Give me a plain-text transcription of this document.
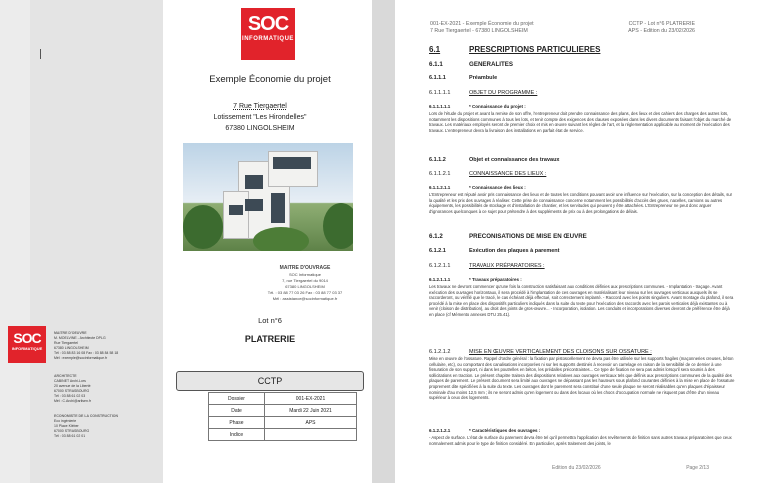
SOC
INFORMATIQUE
Exemple Économie du projet
7 Rue Tiergaertel
Lotissement "Les Hirondelles"
67380 LINGOLSHEIM
MAITRE D'OUVRAGE
SOC Informatique
7, rue Tiergaertel du 9014
67380 LINGOLSHEIM
Tél. : 03 88 77 03 26 Fax : 03 88 77 03 37
Mél : assistance@socinformatique.fr
Lot n°6
PLATRERIE
CCTP
Dossier	001-EX-2021
Date	Mardi 22 Juin 2021
Phase	APS
Indice	
SOC
INFORMATIQUE
MAITRE D'OEUVRE
M. MOELVINE - Architecte DPLG
Rue Tiergaertel
67380 LINGOLSHEIM
Tél : 03 88 83 16 08 Fax : 03 88 84 58 18
Mél : exemple@socinformatique.fr
ARCHITECTE
CABINET Archi-Lors
20 avenue de la Liberté
67000 STRASBOURG
Tél : 03 88 61 02 03
Mél : C.Archi@arlisen.fr
ECONOMISTE DE LA CONSTRUCTION
Eco ingénierie
10 Place Kléber
67000 STRASBOURG
Tél : 03 88 61 02 01
001-EX-2021 - Exemple Économie du projet
7 Rue Tiergaertel - 67380 LINGOLSHEIM
CCTP - Lot n°6 PLATRERIE
APS - Edition du 23/02/2026
6.1	PRESCRIPTIONS PARTICULIERES
6.1.1	GENERALITES
6.1.1.1	Préambule
6.1.1.1.1	OBJET DU PROGRAMME :
6.1.1.1.1.1	* Connaissance du projet :
Lors de l'étude du projet et avant la remise de son offre, l'entrepreneur doit prendre connaissance des plans, des lieux et des cahiers des charges des autres lots, notamment les dispositions communes à tous les lots, et tenir compte des exigences des clauses exposées dans les divers documents faisant l'objet du marché de travaux. Les matériaux employés seront de premier choix et mis en œuvre suivant les règles de l'art, et la réglementation applicable au moment de l'exécution des travaux. L'entrepreneur devra la livraison des installations en parfait état de service.
6.1.1.2	Objet et connaissance des travaux
6.1.1.2.1	CONNAISSANCE DES LIEUX :
6.1.1.2.1.1	* Connaissance des lieux :
L'Entrepreneur est réputé avoir pris connaissance des lieux et de toutes les conditions pouvant avoir une influence sur l'exécution, sur la conception des détails, sur la qualité et les prix des ouvrages à réaliser. Cette prise de connaissance concerne notamment les possibilités d'accès des grues, nacelles, camions ou autres équipements, les possibilités de stockage et d'installation de chantier, et les servitudes qui peuvent y être attachées. L'Entrepreneur ne peut donc arguer d'ignorances quelconques à ce sujet pour prétendre à des suppléments de prix ou à des prolongations de délais.
6.1.2	PRECONISATIONS DE MISE EN ŒUVRE
6.1.2.1	Exécution des plaques à parement
6.1.2.1.1	TRAVAUX PRÉPARATOIRES :
6.1.2.1.1.1	* Travaux préparatoires :
Les travaux ne devront commencer qu'une fois la construction satisfaisant aux conditions définies aux prescriptions communes. - Implantation - traçage. Avant exécution des ouvrages horizontaux, il sera procédé à l'implantation de ces ouvrages en matérialisant leur niveau sur les ouvrages verticaux auxquels ils se raccorderont, ou vérifié que le tracé, le cas échéant déjà effectué, soit correctement implanté. - Raccord avec les points singuliers. Avant montage du plafond, il sera procédé à la mise en place des dispositifs particuliers indiqués dans la suite du texte pour l'exécution des raccords avec les parois verticales déjà existantes ou à venir (cloison de distribution), au droit des joints de gros-œuvre... - Incorporation, isolation. Les conduits et incorporations diverses devront de préférence être déjà en place (cf Mémento annexes DTU 25.41).
6.1.2.1.2	MISE EN ŒUVRE VERTICALEMENT DES CLOISONS SUR OSSATURE :
Mise en œuvre de l'ossature. Rappel d'ordre général : la fixation par pistoscellement ne devra pas être utilisée sur les supports fragiles (maçonneries creuses, béton cellulaire, etc), ou comportant des canalisations incorporées ni sur les supports destinés à recevoir un carrelage en raison de la sensibilité de ce dernier à une fissuration de son support, ni dans les poutrelles en béton, les prédalles précontraintes... Ce type de fixation ne sera pas admis lorsqu'il sera soumis à des sollicitations en traction. Le présent chapitre traitera des dispositions relatives aux ouvrages verticaux tels que définis aux prescriptions communes de la qualité des plaques de parement. Le présent document sera limité aux ouvrages ne dépassant pas les hauteurs sous plafond courantes définies à la mise en place de l'ossature proprement dite spécifiées à la suite du texte. Les ouvrages dont le parement sera constitué d'une seule plaque ne seront réalisables qu'en plaques d'épaisseur nominale d'au moins 12,5 mm ; ils ne seront admis qu'en logement ou dans des locaux où les chocs d'occupation normale ne risquent pas d'être d'un niveau supérieur à ceux des logements.
6.1.2.1.2.1	* Caractéristiques des ouvrages :
- Aspect de surface. L'état de surface du parement devra être tel qu'il permettra l'application des revêtements de finition sans autres travaux préparatoires que ceux normalement admis pour le type de finition considéré. En particulier, après traitement des joints, le
Edition du 23/02/2026	Page 2/13
